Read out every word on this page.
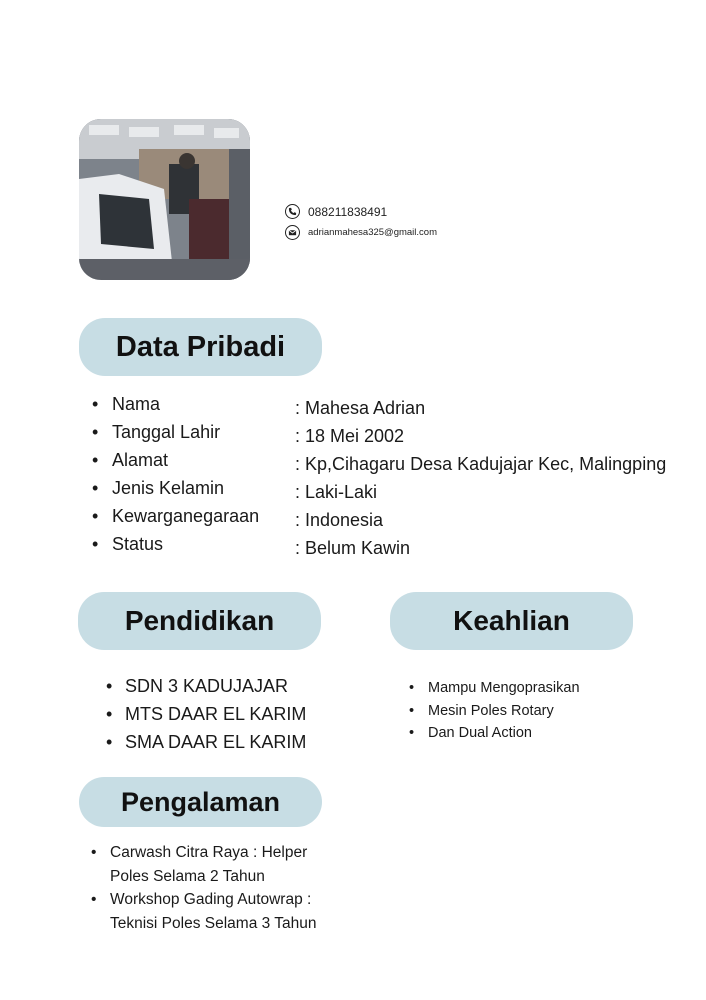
088211838491
adrianmahesa325@gmail.com
Data Pribadi
• Nama	: Mahesa Adrian
• Tanggal Lahir	: 18 Mei 2002
• Alamat	: Kp,Cihagaru Desa Kadujajar Kec, Malingping
• Jenis Kelamin	: Laki-Laki
• Kewarganegaraan : Indonesia
• Status	: Belum Kawin
Pendidikan
• SDN 3 KADUJAJAR
• MTS DAAR EL KARIM
• SMA DAAR EL KARIM
Keahlian
• Mampu Mengoprasikan
• Mesin Poles Rotary
• Dan Dual Action
Pengalaman
• Carwash Citra Raya : Helper
Poles Selama 2 Tahun
• Workshop Gading Autowrap :
Teknisi Poles Selama 3 Tahun
